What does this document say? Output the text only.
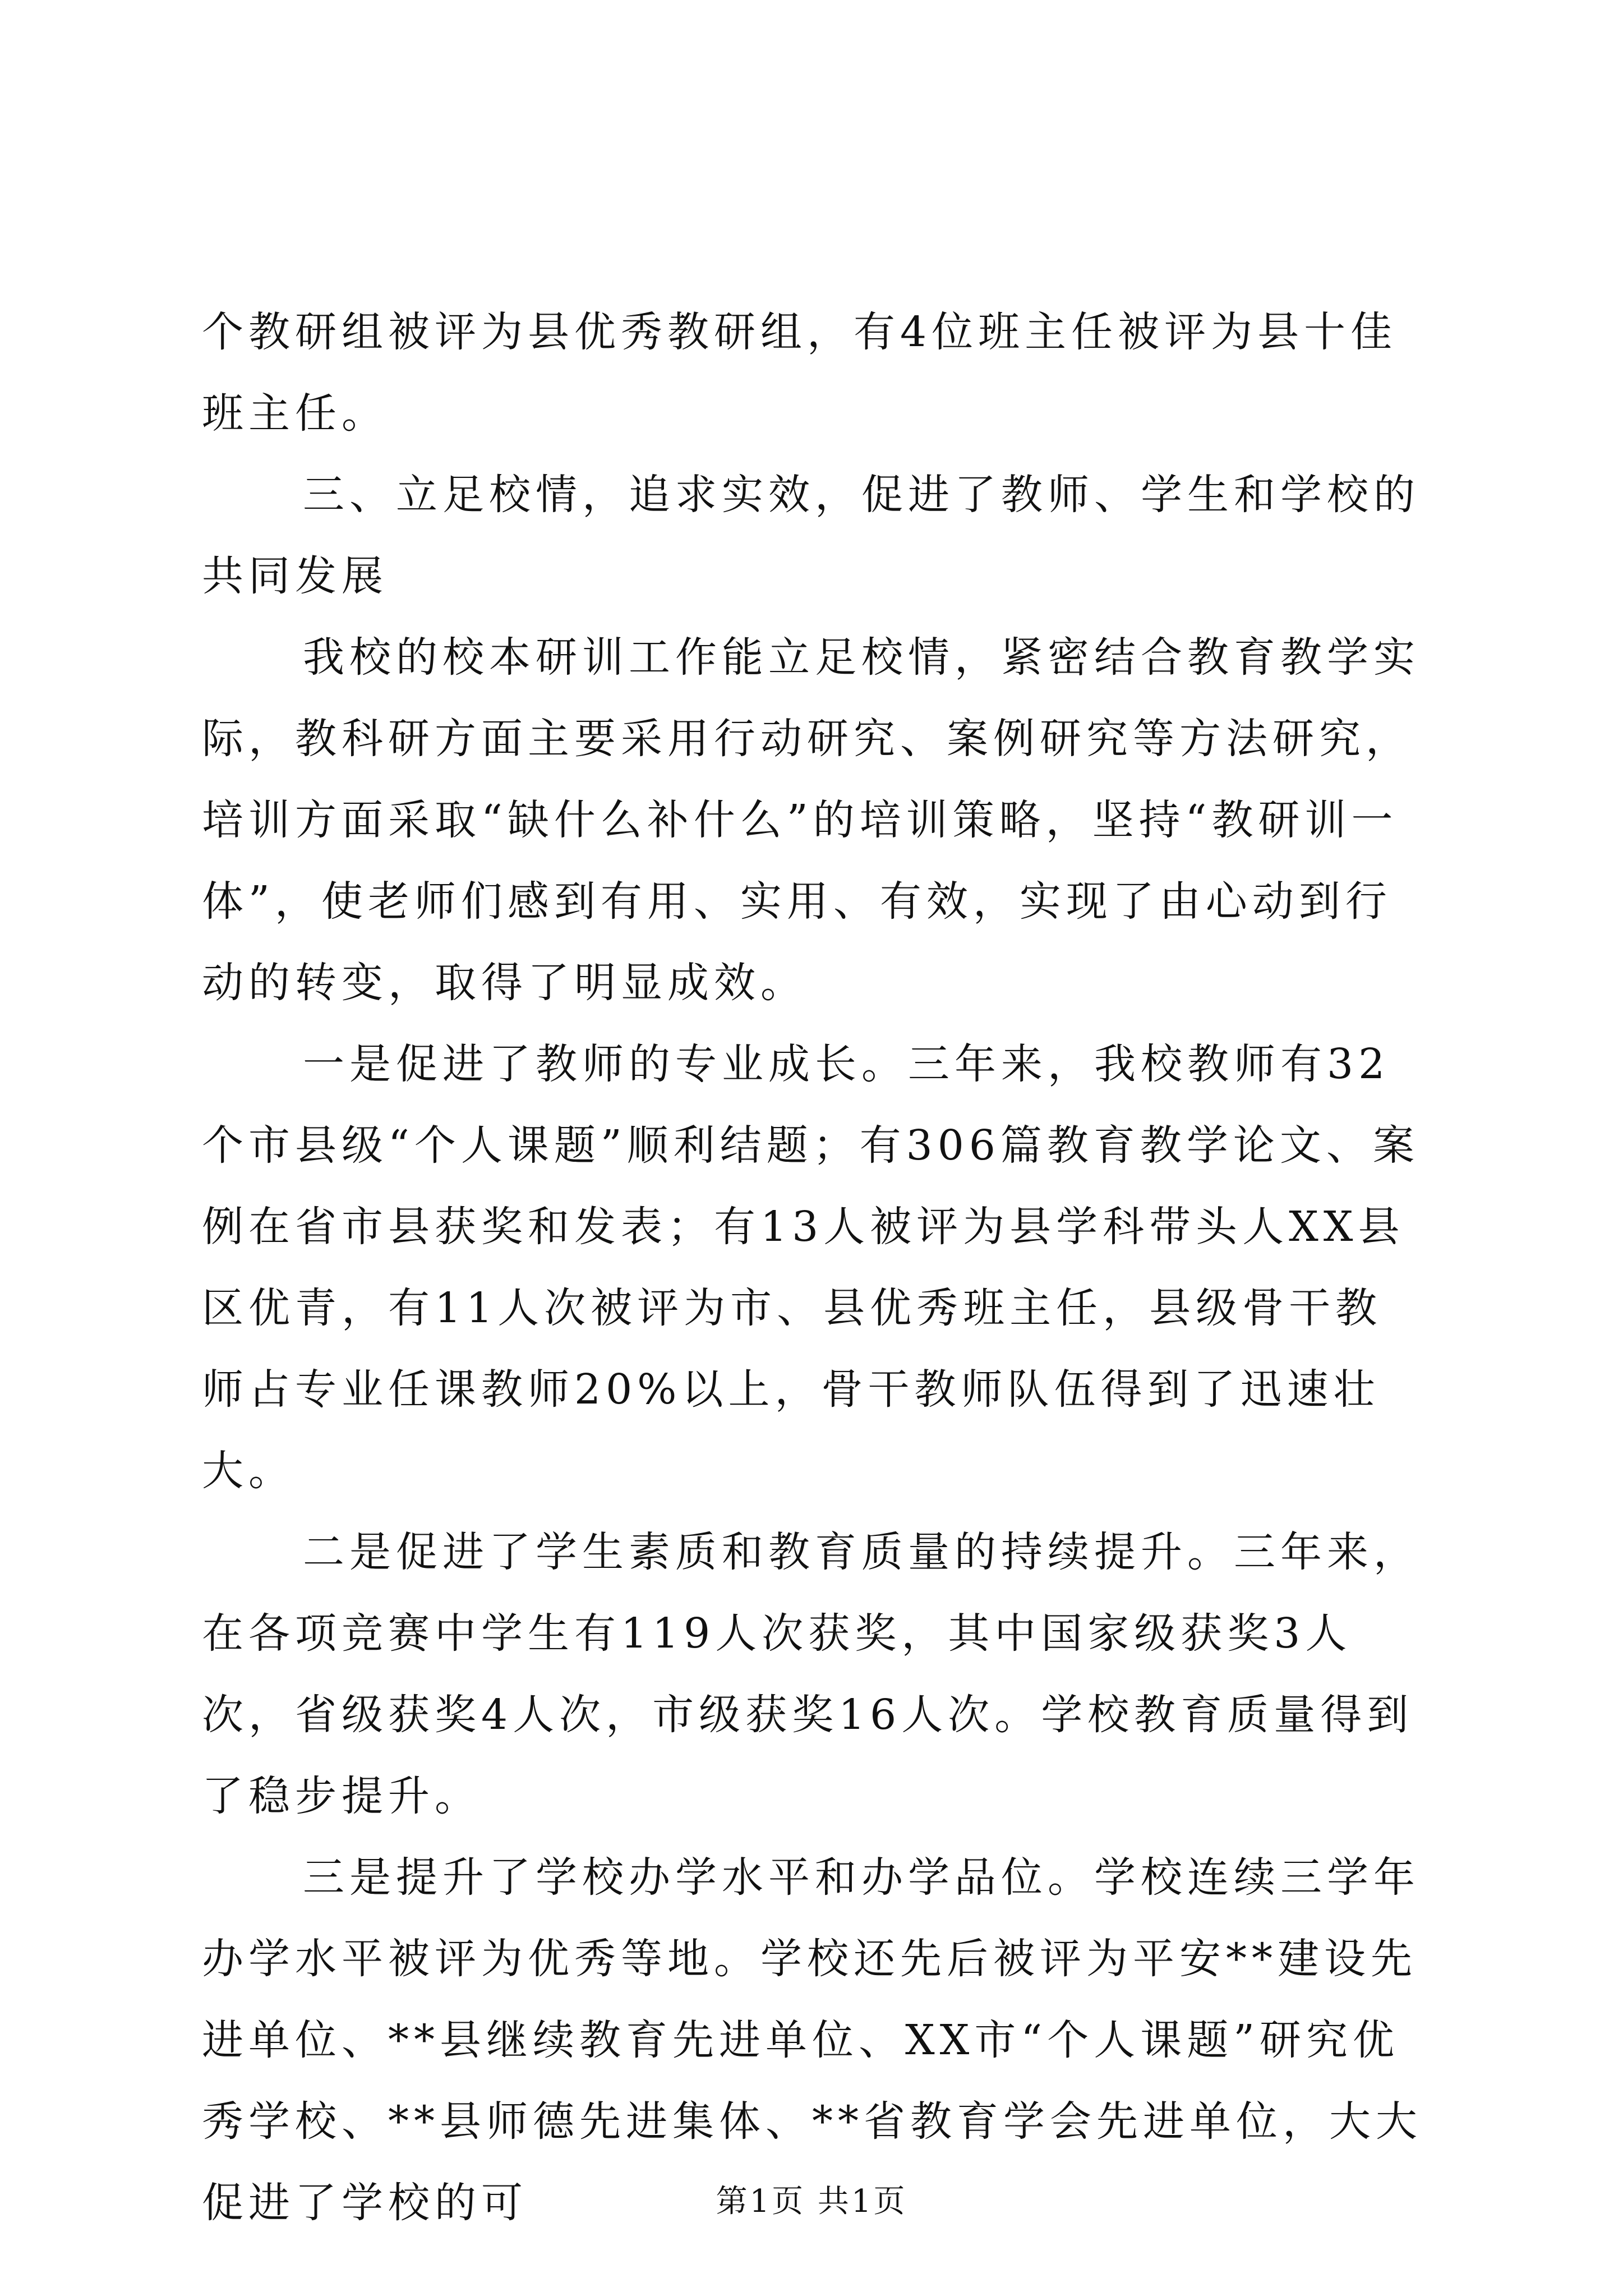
个教研组被评为县优秀教研组，有4位班主任被评为县十佳班主任。

三、立足校情，追求实效，促进了教师、学生和学校的共同发展

我校的校本研训工作能立足校情，紧密结合教育教学实际，教科研方面主要采用行动研究、案例研究等方法研究，培训方面采取“缺什么补什么”的培训策略，坚持“教研训一体”，使老师们感到有用、实用、有效，实现了由心动到行动的转变，取得了明显成效。

一是促进了教师的专业成长。三年来，我校教师有32个市县级“个人课题”顺利结题；有306篇教育教学论文、案例在省市县获奖和发表；有13人被评为县学科带头人XX县区优青，有11人次被评为市、县优秀班主任，县级骨干教师占专业任课教师20%以上，骨干教师队伍得到了迅速壮大。

二是促进了学生素质和教育质量的持续提升。三年来，在各项竞赛中学生有119人次获奖，其中国家级获奖3人次，省级获奖4人次，市级获奖16人次。学校教育质量得到了稳步提升。

三是提升了学校办学水平和办学品位。学校连续三学年办学水平被评为优秀等地。学校还先后被评为平安**建设先进单位、**县继续教育先进单位、XX市“个人课题”研究优秀学校、**县师德先进集体、**省教育学会先进单位，大大促进了学校的可	第1页 共1页
